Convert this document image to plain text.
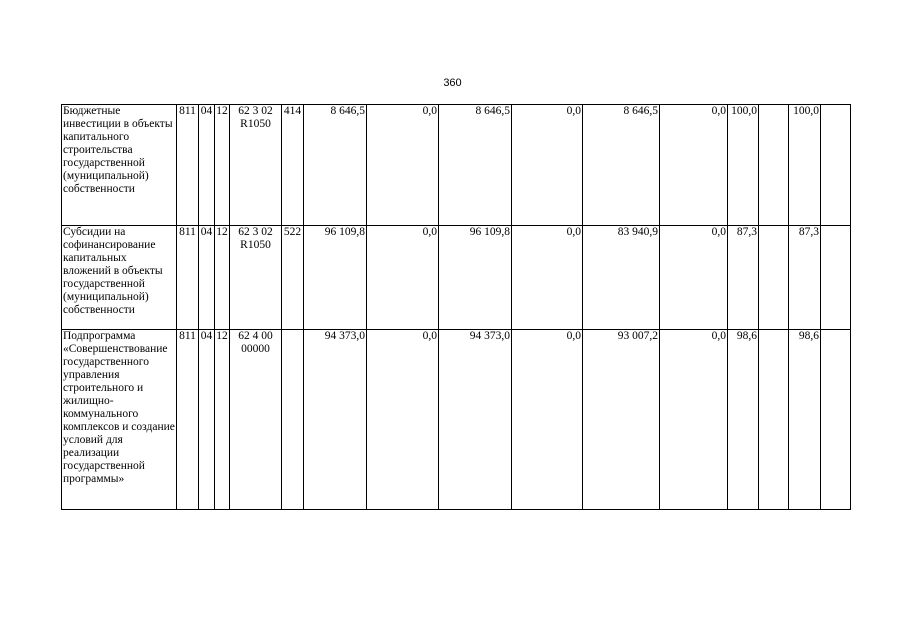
360
Бюджетные инвестиции в объекты капитального строительства государственной (муниципальной) собственности	811	04	12	62 3 02 R1050	414	8 646,5	0,0	8 646,5	0,0	8 646,5	0,0	100,0		100,0	
Субсидии на софинансирование капитальных вложений в объекты государственной (муниципальной) собственности	811	04	12	62 3 02 R1050	522	96 109,8	0,0	96 109,8	0,0	83 940,9	0,0	87,3		87,3	
Подпрограмма «Совершенствование государственного управления строительного и жилищно-коммунального комплексов и создание условий для реализации государственной программы»	811	04	12	62 4 00 00000		94 373,0	0,0	94 373,0	0,0	93 007,2	0,0	98,6		98,6	
